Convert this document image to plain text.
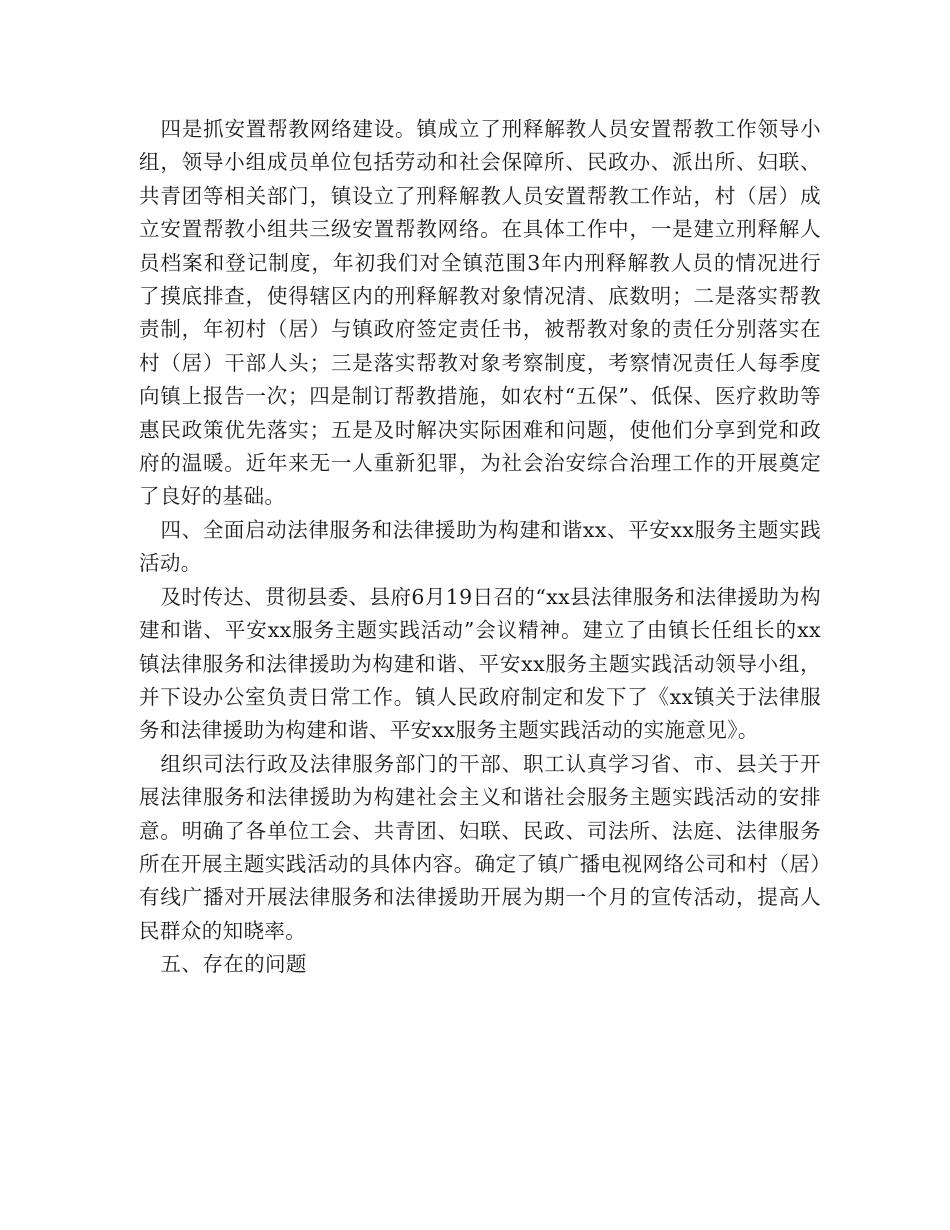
四是抓安置帮教网络建设。镇成立了刑释解教人员安置帮教工作领导小组，领导小组成员单位包括劳动和社会保障所、民政办、派出所、妇联、共青团等相关部门，镇设立了刑释解教人员安置帮教工作站，村（居）成立安置帮教小组共三级安置帮教网络。在具体工作中，一是建立刑释解人员档案和登记制度，年初我们对全镇范围3年内刑释解教人员的情况进行了摸底排查，使得辖区内的刑释解教对象情况清、底数明；二是落实帮教责制，年初村（居）与镇政府签定责任书，被帮教对象的责任分别落实在村（居）干部人头；三是落实帮教对象考察制度，考察情况责任人每季度向镇上报告一次；四是制订帮教措施，如农村“五保”、低保、医疗救助等惠民政策优先落实；五是及时解决实际困难和问题，使他们分享到党和政府的温暖。近年来无一人重新犯罪，为社会治安综合治理工作的开展奠定了良好的基础。

四、全面启动法律服务和法律援助为构建和谐xx、平安xx服务主题实践活动。

及时传达、贯彻县委、县府6月19日召的“xx县法律服务和法律援助为构建和谐、平安xx服务主题实践活动”会议精神。建立了由镇长任组长的xx镇法律服务和法律援助为构建和谐、平安xx服务主题实践活动领导小组，并下设办公室负责日常工作。镇人民政府制定和发下了《xx镇关于法律服务和法律援助为构建和谐、平安xx服务主题实践活动的实施意见》。

组织司法行政及法律服务部门的干部、职工认真学习省、市、县关于开展法律服务和法律援助为构建社会主义和谐社会服务主题实践活动的安排意。明确了各单位工会、共青团、妇联、民政、司法所、法庭、法律服务所在开展主题实践活动的具体内容。确定了镇广播电视网络公司和村（居）有线广播对开展法律服务和法律援助开展为期一个月的宣传活动，提高人民群众的知晓率。

五、存在的问题
